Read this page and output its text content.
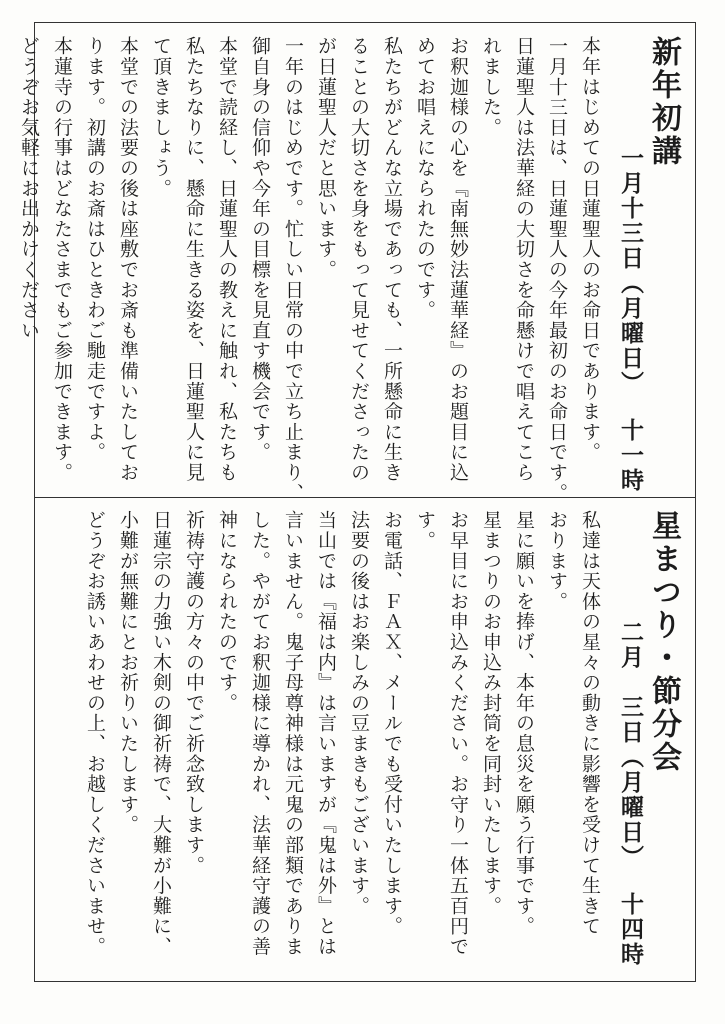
新年初講
一月十三日（月曜日）十一時
本年はじめての日蓮聖人のお命日であります。
一月十三日は、日蓮聖人の今年最初のお命日です。
日蓮聖人は法華経の大切さを命懸けで唱えてこら
れました。
お釈迦様の心を『南無妙法蓮華経』のお題目に込
めてお唱えになられたのです。
私たちがどんな立場であっても、一所懸命に生き
ることの大切さを身をもって見せてくださったの
が日蓮聖人だと思います。
一年のはじめです。忙しい日常の中で立ち止まり、
御自身の信仰や今年の目標を見直す機会です。
本堂で読経し、日蓮聖人の教えに触れ、私たちも
私たちなりに、懸命に生きる姿を、日蓮聖人に見
て頂きましょう。
本堂での法要の後は座敷でお斎も準備いたしてお
ります。初講のお斎はひときわご馳走ですよ。
本蓮寺の行事はどなたさまでもご参加できます。
どうぞお気軽にお出かけください
星まつり・節分会
二月　三日（月曜日）十四時
私達は天体の星々の動きに影響を受けて生きて
おります。
星に願いを捧げ、本年の息災を願う行事です。
星まつりのお申込み封筒を同封いたします。
お早目にお申込みください。お守り一体五百円で
す。
お電話、ＦＡＸ、メールでも受付いたします。
法要の後はお楽しみの豆まきもございます。
当山では『福は内』は言いますが『鬼は外』とは
言いません。鬼子母尊神様は元鬼の部類でありま
した。やがてお釈迦様に導かれ、法華経守護の善
神になられたのです。
祈祷守護の方々の中でご祈念致します。
日蓮宗の力強い木剣の御祈祷で、大難が小難に、
小難が無難にとお祈りいたします。
どうぞお誘いあわせの上、お越しくださいませ。
